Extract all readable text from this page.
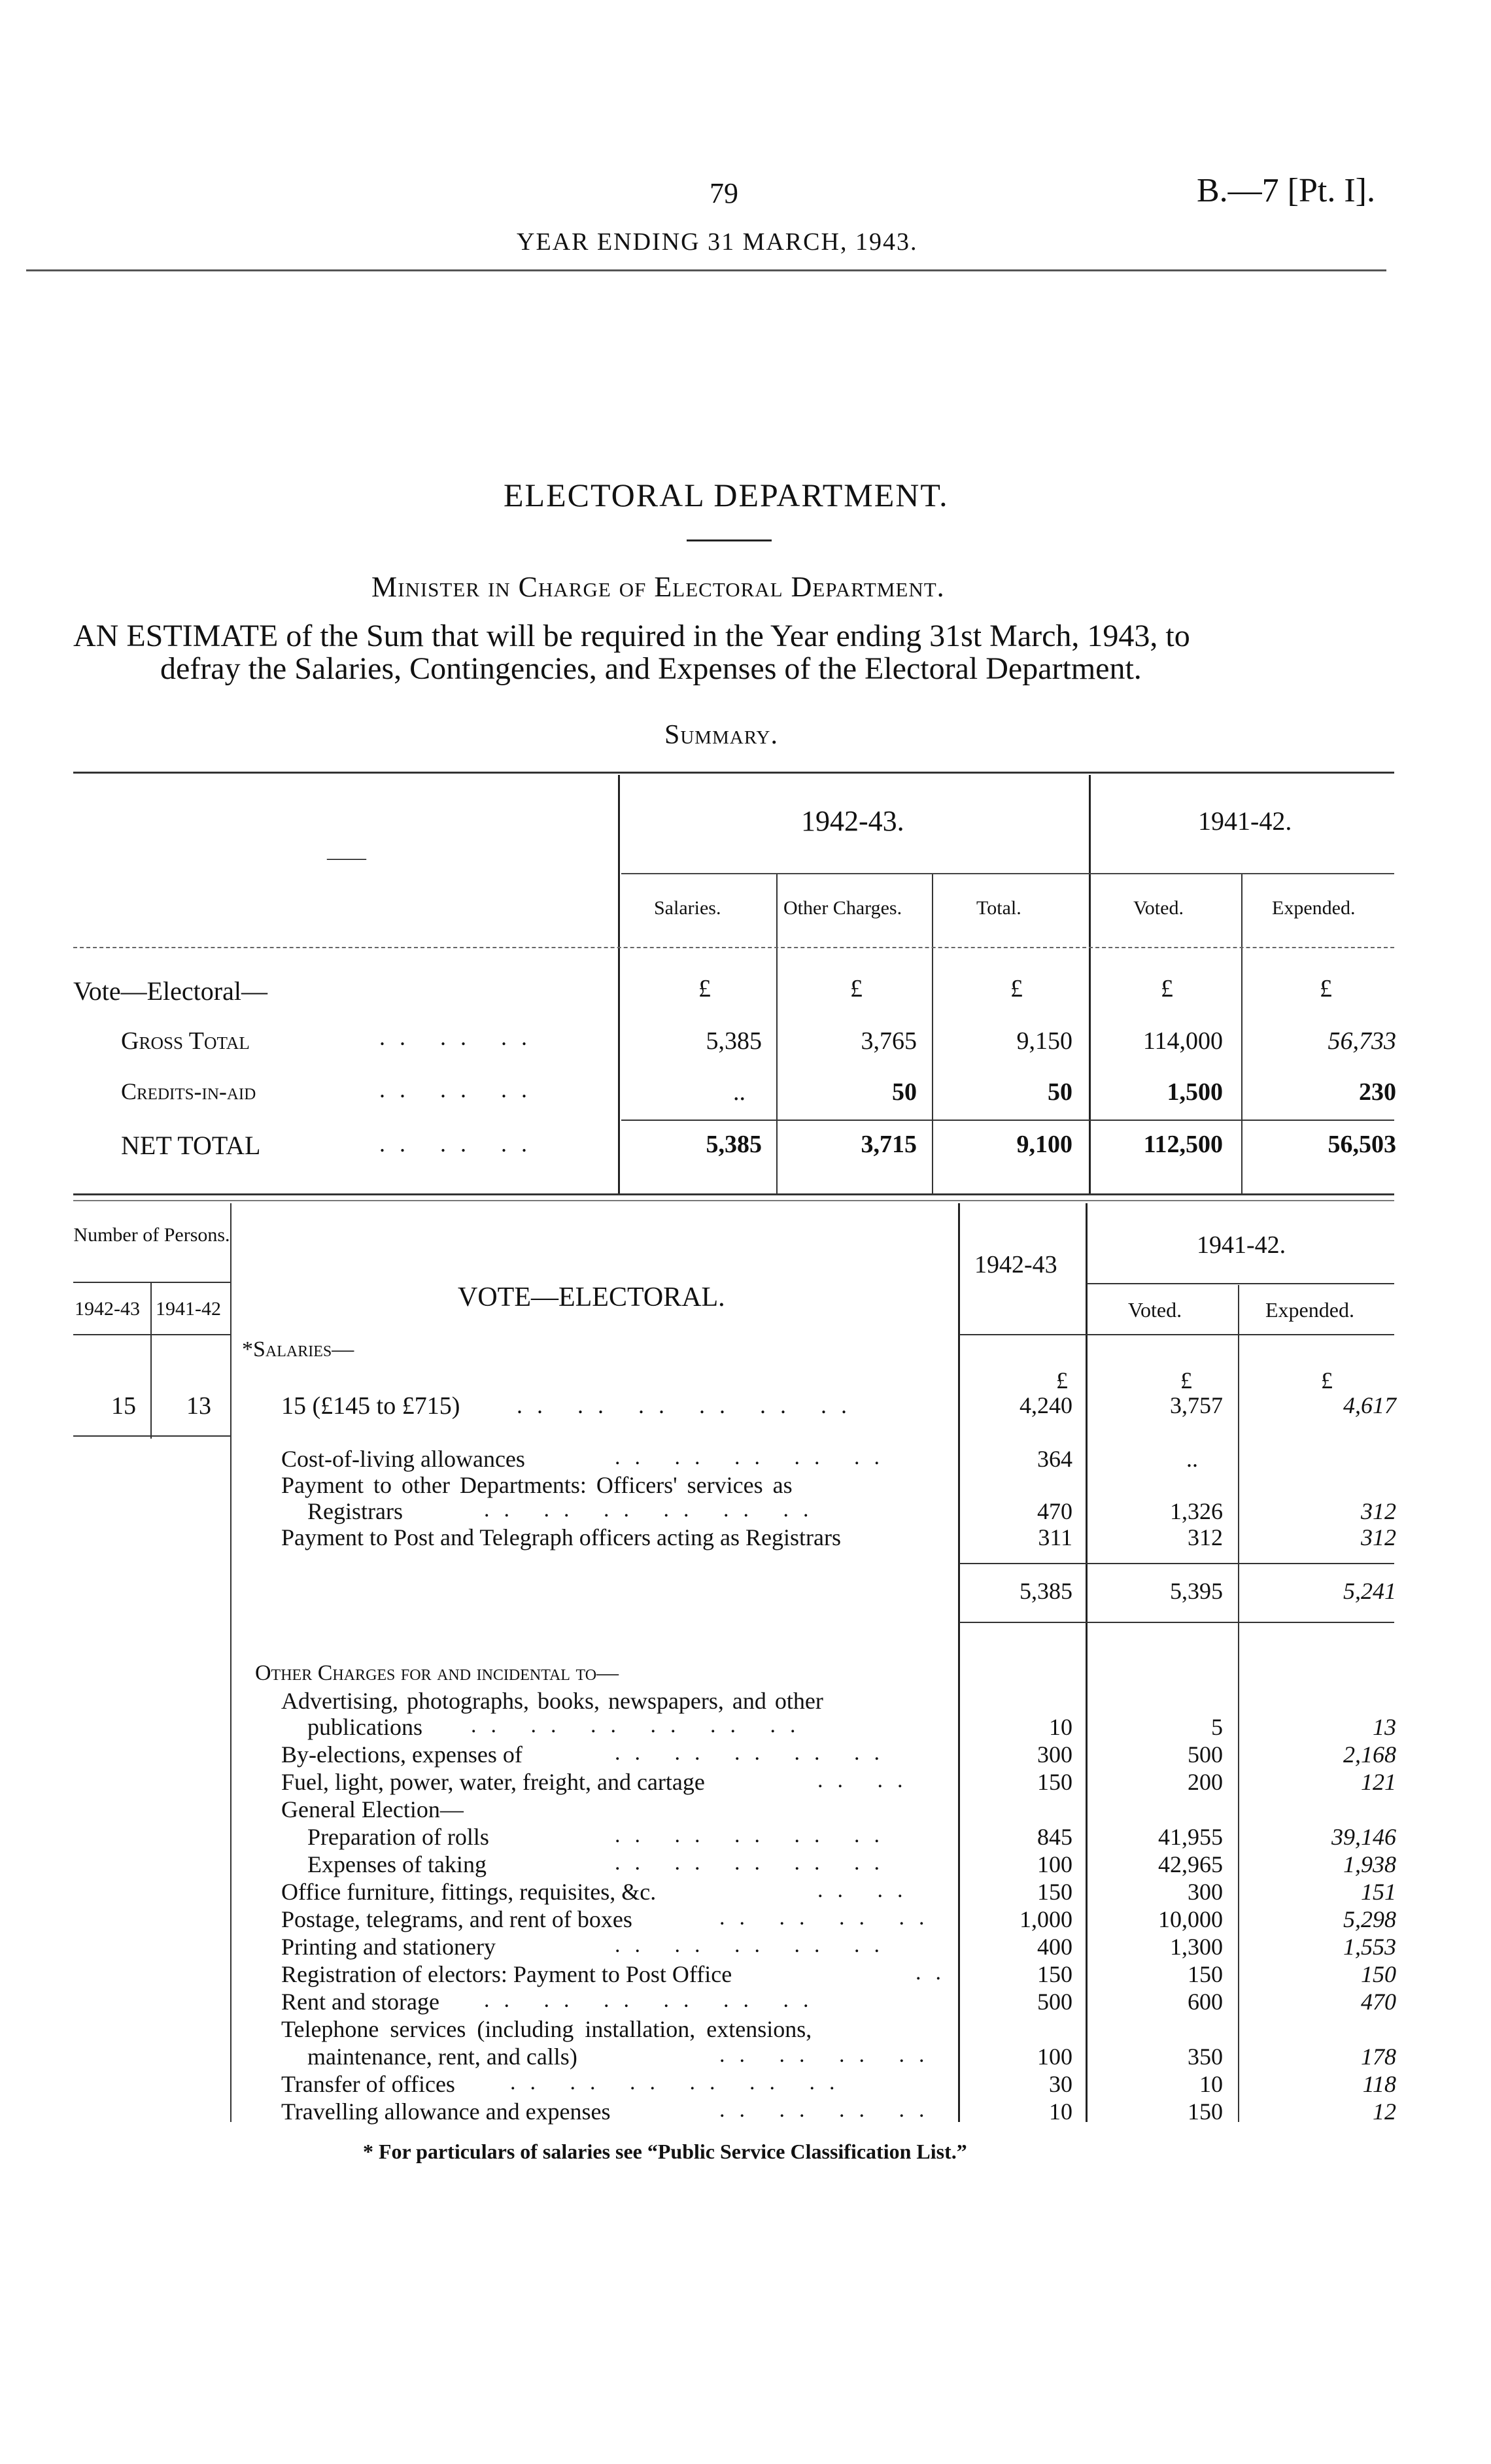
79	B.—7 [Pt. I].
YEAR ENDING 31 MARCH, 1943.
ELECTORAL DEPARTMENT.
Minister in Charge of Electoral Department.
AN ESTIMATE of the Sum that will be required in the Year ending 31st March, 1943, to
defray the Salaries, Contingencies, and Expenses of the Electoral Department.
Summary.
——
1942-43.	1941-42.
Salaries.	Other Charges.	Total.	Voted.	Expended.
Vote—Electoral—	£	£	£	£	£
Gross Total	.. .. ..	5,385	3,765	9,150	114,000	56,733
Credits-in-aid	.. .. ..	..	50	50	1,500	230
NET TOTAL	.. .. ..	5,385	3,715	9,100	112,500	56,503
Number of Persons.
1942-43 1941-42	VOTE—ELECTORAL.
1942-43
1941-42.
Voted.	Expended.
*Salaries—
£	£	£
15 13	15 (£145 to £715) .. .. .. .. .. ..	4,240	3,757	4,617
Cost-of-living allowances	.. .. .. .. ..	364	..
Payment to other Departments: Officers' services as
Registrars	.. .. .. .. .. ..	470	1,326	312
Payment to Post and Telegraph officers acting as Registrars	311	312	312
5,385	5,395	5,241
Other Charges for and incidental to—
Advertising, photographs, books, newspapers, and other
publications .. .. .. .. .. ..	10	5	13
By-elections, expenses of	.. .. .. .. ..	300	500	2,168
Fuel, light, power, water, freight, and cartage	.. ..	150	200	121
General Election—
Preparation of rolls	.. .. .. .. ..	845	41,955	39,146
Expenses of taking	.. .. .. .. ..	100	42,965	1,938
Office furniture, fittings, requisites, &c.	.. ..	150	300	151
Postage, telegrams, and rent of boxes	.. .. .. ..	1,000	10,000	5,298
Printing and stationery	.. .. .. .. ..	400	1,300	1,553
Registration of electors: Payment to Post Office	..	150	150	150
Rent and storage .. .. .. .. .. ..	500	600	470
Telephone services (including installation, extensions,
maintenance, rent, and calls)	.. .. .. ..	100	350	178
Transfer of offices .. .. .. .. .. ..	30	10	118
Travelling allowance and expenses	.. .. .. ..	10	150	12
* For particulars of salaries see “Public Service Classification List.”
